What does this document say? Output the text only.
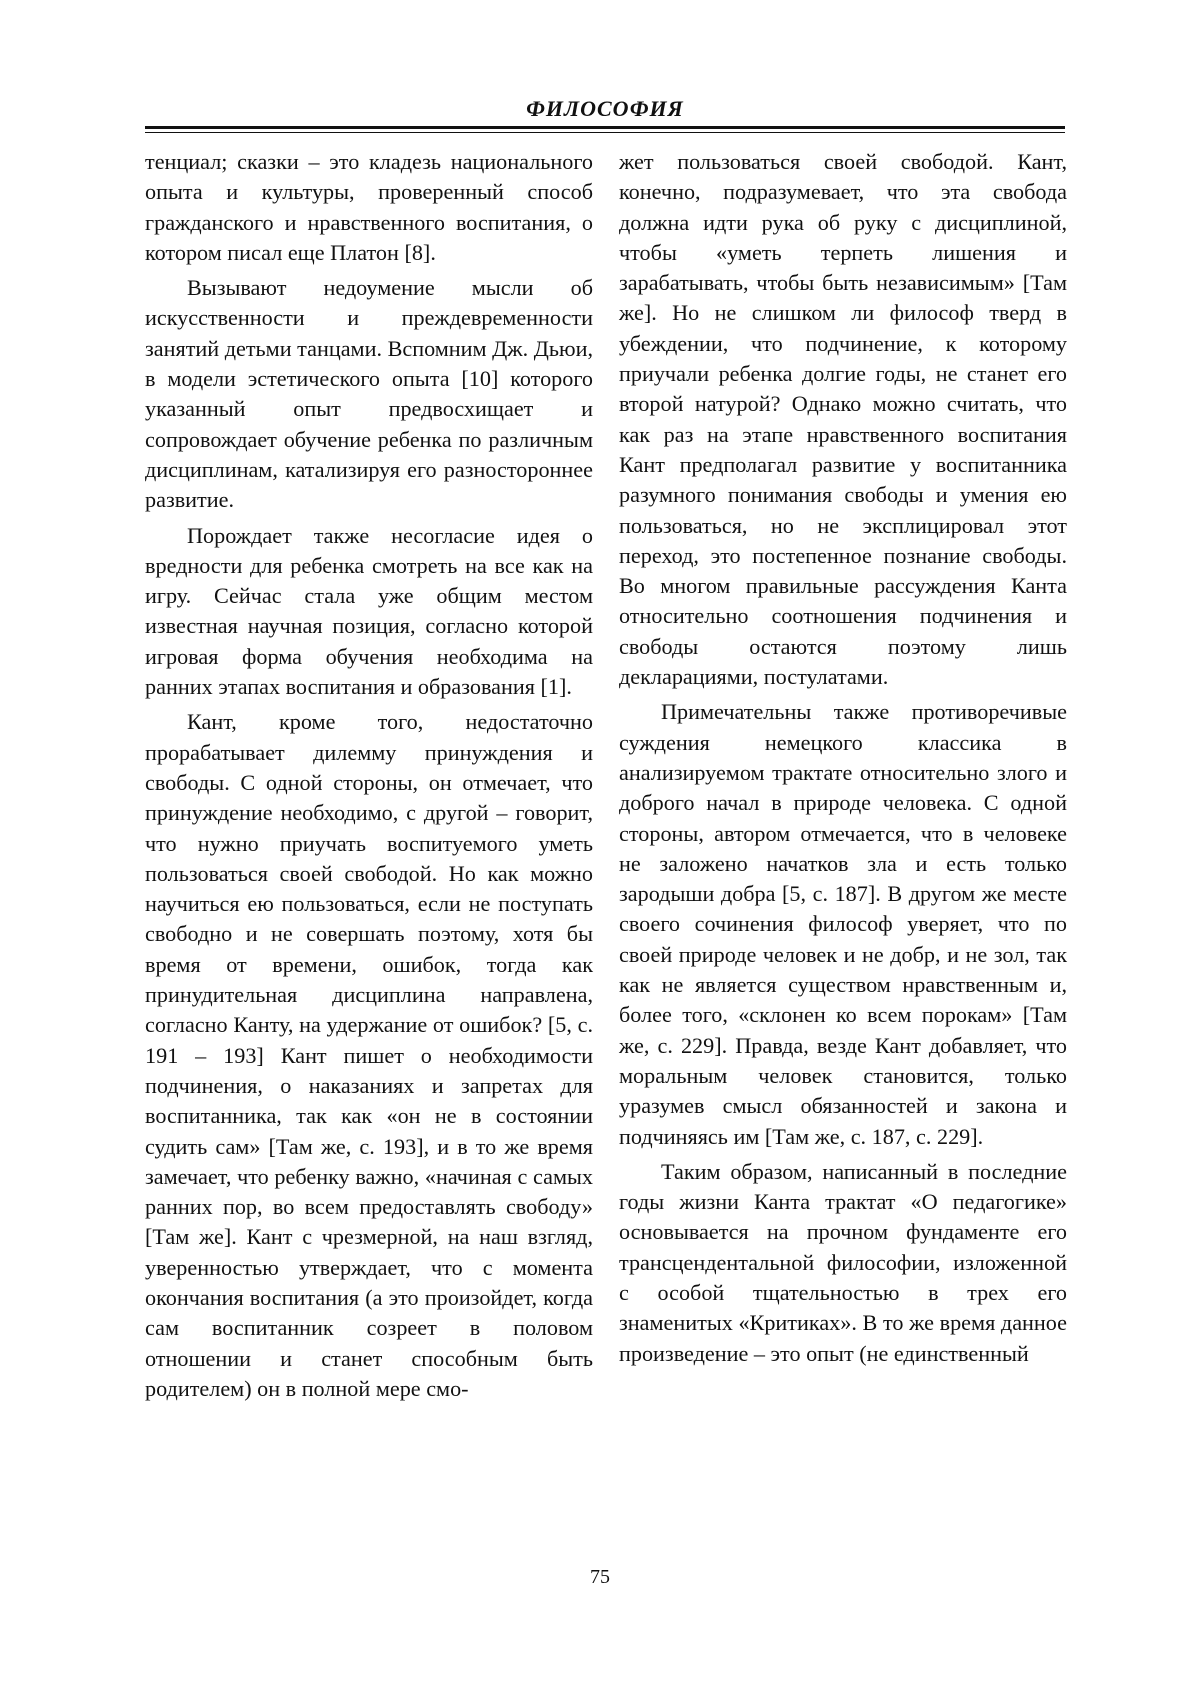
ФИЛОСОФИЯ

тенциал; сказки – это кладезь национального опыта и культуры, проверенный способ гражданского и нравственного воспитания, о котором писал еще Платон [8].

Вызывают недоумение мысли об искусственности и преждевременности занятий детьми танцами. Вспомним Дж. Дьюи, в модели эстетического опыта [10] которого указанный опыт предвосхищает и сопровождает обучение ребенка по различным дисциплинам, катализируя его разностороннее развитие.

Порождает также несогласие идея о вредности для ребенка смотреть на все как на игру. Сейчас стала уже общим местом известная научная позиция, согласно которой игровая форма обучения необходима на ранних этапах воспитания и образования [1].

Кант, кроме того, недостаточно прорабатывает дилемму принуждения и свободы. С одной стороны, он отмечает, что принуждение необходимо, с другой – говорит, что нужно приучать воспитуемого уметь пользоваться своей свободой. Но как можно научиться ею пользоваться, если не поступать свободно и не совершать поэтому, хотя бы время от времени, ошибок, тогда как принудительная дисциплина направлена, согласно Канту, на удержание от ошибок? [5, с. 191 – 193] Кант пишет о необходимости подчинения, о наказаниях и запретах для воспитанника, так как «он не в состоянии судить сам» [Там же, с. 193], и в то же время замечает, что ребенку важно, «начиная с самых ранних пор, во всем предоставлять свободу» [Там же]. Кант с чрезмерной, на наш взгляд, уверенностью утверждает, что с момента окончания воспитания (а это произойдет, когда сам воспитанник созреет в половом отношении и станет способным быть родителем) он в полной мере смо-

жет пользоваться своей свободой. Кант, конечно, подразумевает, что эта свобода должна идти рука об руку с дисциплиной, чтобы «уметь терпеть лишения и зарабатывать, чтобы быть независимым» [Там же]. Но не слишком ли философ тверд в убеждении, что подчинение, к которому приучали ребенка долгие годы, не станет его второй натурой? Однако можно считать, что как раз на этапе нравственного воспитания Кант предполагал развитие у воспитанника разумного понимания свободы и умения ею пользоваться, но не эксплицировал этот переход, это постепенное познание свободы. Во многом правильные рассуждения Канта относительно соотношения подчинения и свободы остаются поэтому лишь декларациями, постулатами.

Примечательны также противоречивые суждения немецкого классика в анализируемом трактате относительно злого и доброго начал в природе человека. С одной стороны, автором отмечается, что в человеке не заложено начатков зла и есть только зародыши добра [5, с. 187]. В другом же месте своего сочинения философ уверяет, что по своей природе человек и не добр, и не зол, так как не является существом нравственным и, более того, «склонен ко всем порокам» [Там же, с. 229]. Правда, везде Кант добавляет, что моральным человек становится, только уразумев смысл обязанностей и закона и подчиняясь им [Там же, с. 187, с. 229].

Таким образом, написанный в последние годы жизни Канта трактат «О педагогике» основывается на прочном фундаменте его трансцендентальной философии, изложенной с особой тщательностью в трех его знаменитых «Критиках». В то же время данное произведение – это опыт (не единственный

75
